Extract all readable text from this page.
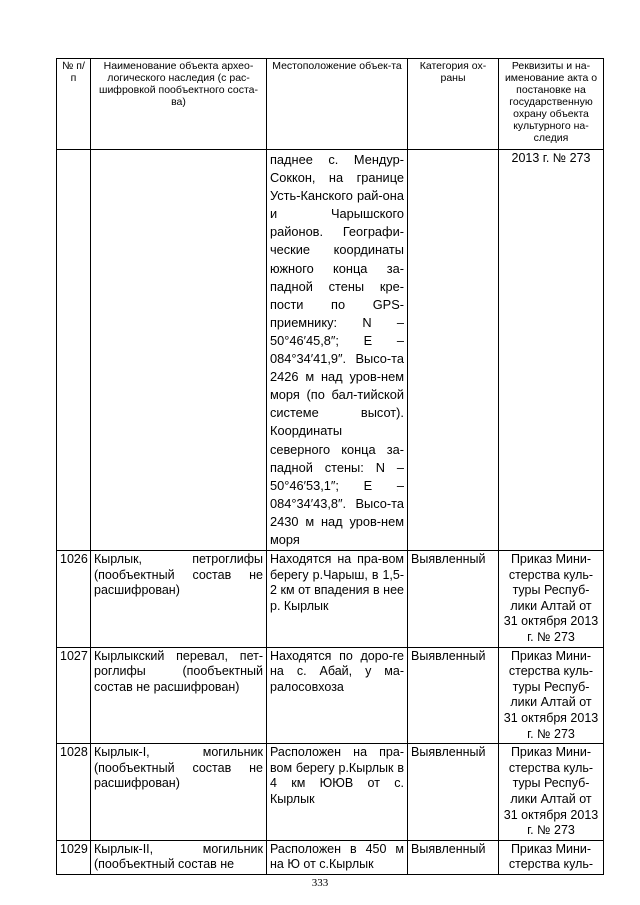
№ п/п	Наименование объекта архео-логического наследия (с рас-шифровкой пообъектного соста-ва)	Местоположение объек-та	Категория ох-раны	Реквизиты и на-именование акта о постановке на государственную охрану объекта культурного на-следия
		паднее с. Мендур-Соккон, на границе Усть-Канского рай-она и Чарышского районов. Географи-ческие координаты южного конца за-падной стены кре-пости по GPS-приемнику: N – 50°46′45,8″; E – 084°34′41,9″. Высо-та 2426 м над уров-нем моря (по бал-тийской системе высот). Координаты северного конца за-падной стены: N – 50°46′53,1″; E – 084°34′43,8″. Высо-та 2430 м над уров-нем моря		2013 г. № 273
1026	Кырлык, петроглифы (пообъектный состав не расшифрован)	Находятся на пра-вом берегу р.Чарыш, в 1,5-2 км от впадения в нее р. Кырлык	Выявленный	Приказ Мини-стерства куль-туры Респуб-лики Алтай от 31 октября 2013 г. № 273
1027	Кырлыкский перевал, пет-роглифы (пообъектный состав не расшифрован)	Находятся по доро-ге на с. Абай, у ма-ралосовхоза	Выявленный	Приказ Мини-стерства куль-туры Респуб-лики Алтай от 31 октября 2013 г. № 273
1028	Кырлык-I, могильник (пообъектный состав не расшифрован)	Расположен на пра-вом берегу р.Кырлык в 4 км ЮЮВ от с. Кырлык	Выявленный	Приказ Мини-стерства куль-туры Респуб-лики Алтай от 31 октября 2013 г. № 273
1029	Кырлык-II, могильник (пообъектный состав не	Расположен в 450 м на Ю от с.Кырлык	Выявленный	Приказ Мини-стерства куль-
333
